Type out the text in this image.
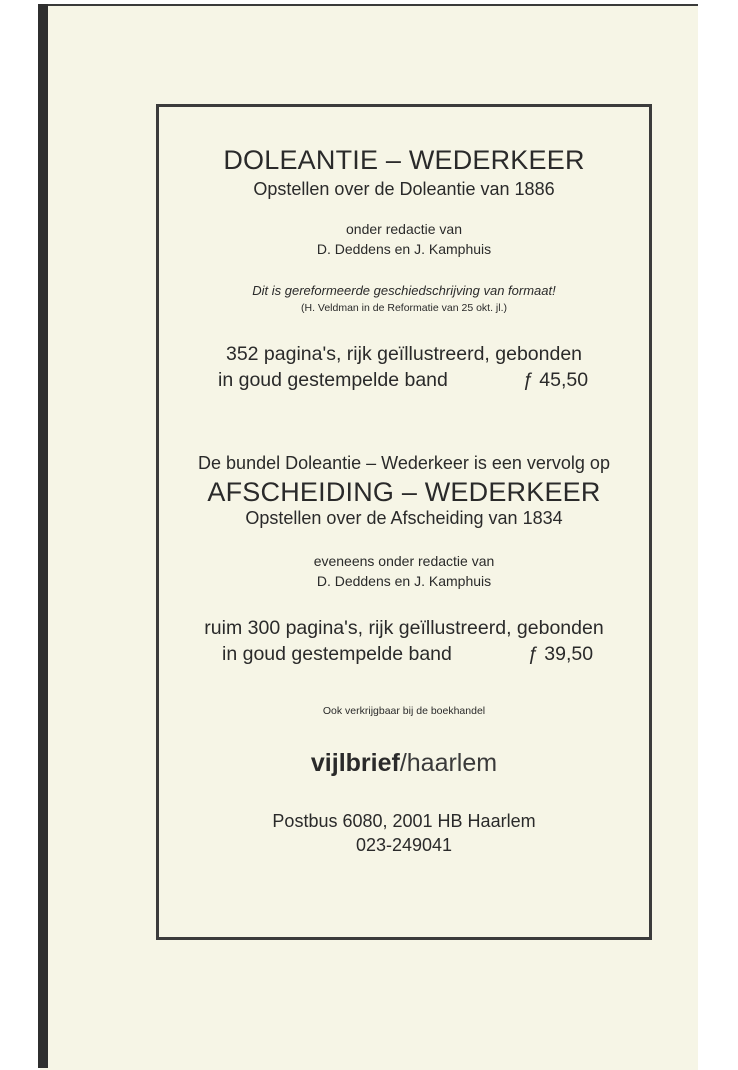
DOLEANTIE – WEDERKEER
Opstellen over de Doleantie van 1886
onder redactie van
D. Deddens en J. Kamphuis
Dit is gereformeerde geschiedschrijving van formaat!
(H. Veldman in de Reformatie van 25 okt. jl.)
352 pagina's, rijk geïllustreerd, gebonden
in goud gestempelde band	ƒ 45,50
De bundel Doleantie – Wederkeer is een vervolg op
AFSCHEIDING – WEDERKEER
Opstellen over de Afscheiding van 1834
eveneens onder redactie van
D. Deddens en J. Kamphuis
ruim 300 pagina's, rijk geïllustreerd, gebonden
in goud gestempelde band	ƒ 39,50
Ook verkrijgbaar bij de boekhandel
vijlbrief/haarlem
Postbus 6080, 2001 HB Haarlem
023-249041
